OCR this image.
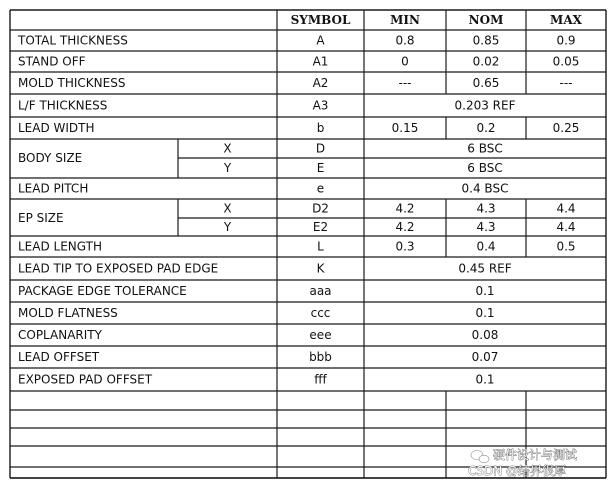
SYMBOL	MIN	NOM	MAX
TOTAL THICKNESS	A	0.8	0.85	0.9
STAND OFF	A1	0	0.02	0.05
MOLD THICKNESS	A2	---	0.65	---
L/F THICKNESS	A3	0.203 REF
LEAD WIDTH	b	0.15	0.2	0.25
BODY SIZE
X	D	6 BSC
Y	E	6 BSC
LEAD PITCH	e	0.4 BSC
EP SIZE
X	D2	4.2	4.3	4.4
Y	E2	4.2	4.3	4.4
LEAD LENGTH	L	0.3	0.4	0.5
LEAD TIP TO EXPOSED PAD EDGE	K	0.45 REF
PACKAGE EDGE TOLERANCE	aaa	0.1
MOLD FLATNESS	ccc	0.1
COPLANARITY	eee	0.08
LEAD OFFSET	bbb	0.07
EXPOSED PAD OFFSET	fff	0.1
硬件设计与测试
CSDN @结界很厚
